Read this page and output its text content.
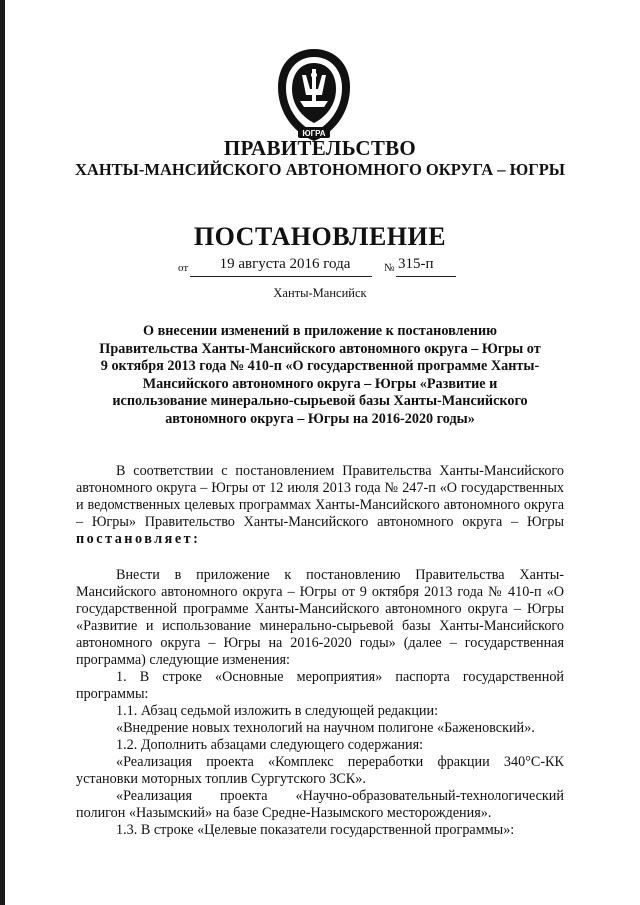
ЮГРА
ПРАВИТЕЛЬСТВО
ХАНТЫ-МАНСИЙСКОГО АВТОНОМНОГО ОКРУГА – ЮГРЫ
ПОСТАНОВЛЕНИЕ
от	19 августа 2016 года	№ 315-п
Ханты-Мансийск
О внесении изменений в приложение к постановлению Правительства Ханты-Мансийского автономного округа – Югры от 9 октября 2013 года № 410-п «О государственной программе Ханты-Мансийского автономного округа – Югры «Развитие и использование минерально-сырьевой базы Ханты-Мансийского автономного округа – Югры на 2016-2020 годы»

В соответствии с постановлением Правительства Ханты-Мансийского автономного округа – Югры от 12 июля 2013 года № 247-п «О государственных и ведомственных целевых программах Ханты-Мансийского автономного округа – Югры» Правительство Ханты-Мансийского автономного округа – Югры постановляет:

Внести в приложение к постановлению Правительства Ханты-Мансийского автономного округа – Югры от 9 октября 2013 года № 410-п «О государственной программе Ханты-Мансийского автономного округа – Югры «Развитие и использование минерально-сырьевой базы Ханты-Мансийского автономного округа – Югры на 2016-2020 годы» (далее – государственная программа) следующие изменения:

1. В строке «Основные мероприятия» паспорта государственной программы:

1.1. Абзац седьмой изложить в следующей редакции:

«Внедрение новых технологий на научном полигоне «Баженовский».

1.2. Дополнить абзацами следующего содержания:

«Реализация проекта «Комплекс переработки фракции 340°С-КК установки моторных топлив Сургутского ЗСК».

«Реализация проекта «Научно-образовательный-технологический полигон «Назымский» на базе Средне-Назымского месторождения».

1.3. В строке «Целевые показатели государственной программы»:
